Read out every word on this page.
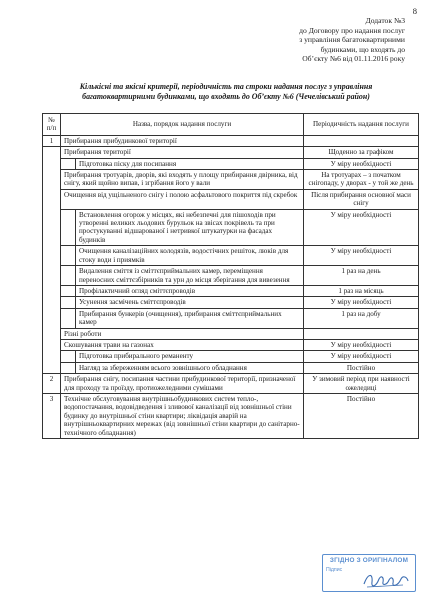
8
Додаток №3
до Договору про надання послуг
з управління багатоквартирними
будинками, що входять до
Об’єкту №6 від 01.11.2016 року
Кількісні та якісні критерії, періодичність та строки надання послуг з управління багатоквартирними будинками, що входять до Об’єкту №6 (Чечелівський район)
№ п/п	Назва, порядок надання послуги		Періодичність надання послуги
1	Прибирання прибудинкової території		
	Прибирання території		Щоденно за графіком
		Підготовка піску для посипання	У міру необхідності
	Прибирання тротуарів, дворів, які входять у площу прибирання двірника, від снігу, який щойно випав, і згрібання його у вали		На тротуарах – з початком снігопаду, у дворах - у той же день
	Очищення від ущільненого снігу і полою асфальтового покриття під скребок		Після прибирання основної маси снігу
		Встановлення огорож у місцях, які небезпечні для пішоходів при утворенні великих льодових бурульок на звісах покрівель та при простукуванні відшарованої і нетривкої штукатурки на фасадах будинків	У міру необхідності
		Очищення каналізаційних колодязів, водостічних решіток, люків для стоку води і приямків	У міру необхідності
		Видалення сміття із сміттєприймальних камер, переміщення переносних сміттєзбірників та урн до місця зберігання для вивезення	1 раз на день
		Профілактичний огляд сміттєпроводів	1 раз на місяць
		Усунення засмічень сміттєпроводів	У міру необхідності
		Прибирання бункерів (очищення), прибирання сміттєприймальних камер	1 раз на добу
	Різні роботи		
	Скошування трави на газонах		У міру необхідності
		Підготовка прибирального реманенту	У міру необхідності
		Нагляд за збереженням всього зовнішнього обладнання	Постійно
2	Прибирання снігу, посипання частини прибудинкової території, призначеної для проходу та проїзду, протиожеледними сумішами		У зимовий період при наявності ожеледиці
3	Технічне обслуговування внутрішньобудинкових систем тепло-, водопостачання, водовідведення і зливової каналізації від зовнішньої стіни будинку до внутрішньої стіни квартири; ліквідація аварій на внутрішньоквартирних мережах (від зовнішньої стіни квартири до санітарно-технічного обладнання)		Постійно
ЗГІДНО З ОРИГІНАЛОМ
Підпис
